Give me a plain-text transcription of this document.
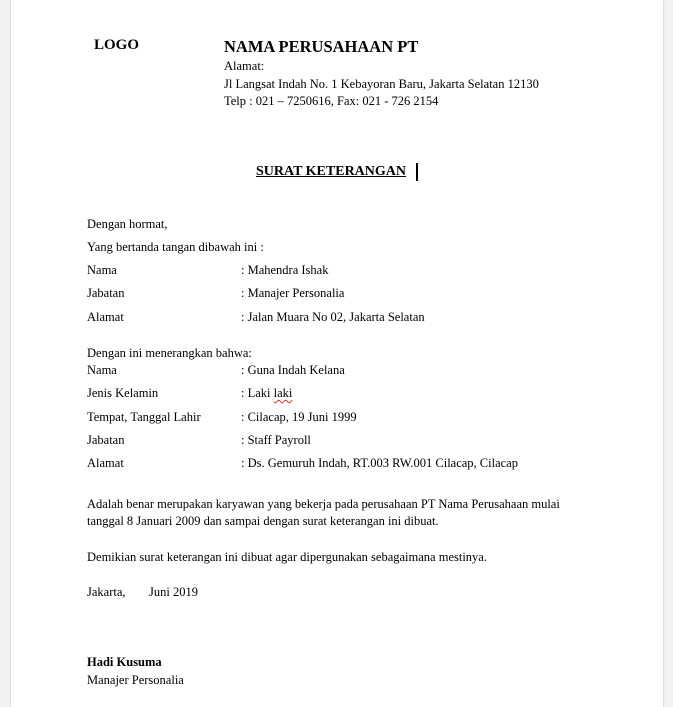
LOGO	NAMA PERUSAHAAN PT
Alamat:
Jl Langsat Indah No. 1 Kebayoran Baru, Jakarta Selatan 12130
Telp : 021 – 7250616, Fax: 021 - 726 2154
SURAT KETERANGAN
Dengan hormat,
Yang bertanda tangan dibawah ini :
Nama	: Mahendra Ishak
Jabatan	: Manajer Personalia
Alamat	: Jalan Muara No 02, Jakarta Selatan
Dengan ini menerangkan bahwa:
Nama	: Guna Indah Kelana
Jenis Kelamin	: Laki laki
Tempat, Tanggal Lahir	: Cilacap, 19 Juni 1999
Jabatan	: Staff Payroll
Alamat	: Ds. Gemuruh Indah, RT.003 RW.001 Cilacap, Cilacap
Adalah benar merupakan karyawan yang bekerja pada perusahaan PT Nama Perusahaan mulai
tanggal 8 Januari 2009 dan sampai dengan surat keterangan ini dibuat.
Demikian surat keterangan ini dibuat agar dipergunakan sebagaimana mestinya.
Jakarta, Juni 2019
Hadi Kusuma
Manajer Personalia
